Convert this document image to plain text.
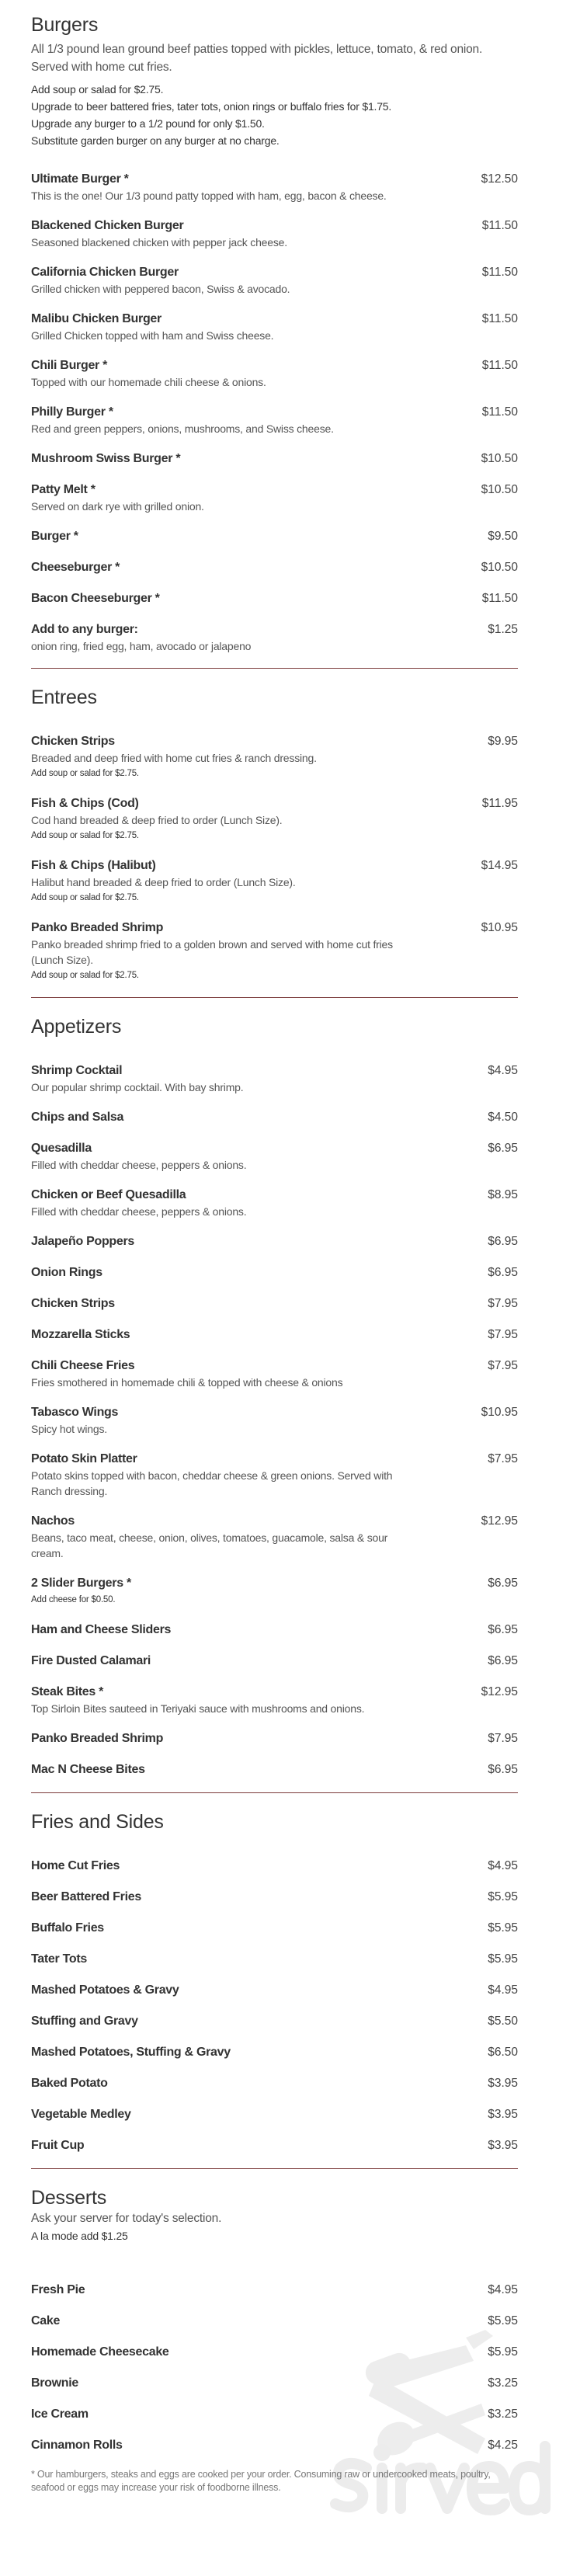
Burgers
All 1/3 pound lean ground beef patties topped with pickles, lettuce, tomato, & red onion. Served with home cut fries.
Add soup or salad for $2.75.
Upgrade to beer battered fries, tater tots, onion rings or buffalo fries for $1.75.
Upgrade any burger to a 1/2 pound for only $1.50.
Substitute garden burger on any burger at no charge.
Ultimate Burger *	$12.50
This is the one! Our 1/3 pound patty topped with ham, egg, bacon & cheese.
Blackened Chicken Burger	$11.50
Seasoned blackened chicken with pepper jack cheese.
California Chicken Burger	$11.50
Grilled chicken with peppered bacon, Swiss & avocado.
Malibu Chicken Burger	$11.50
Grilled Chicken topped with ham and Swiss cheese.
Chili Burger *	$11.50
Topped with our homemade chili cheese & onions.
Philly Burger *	$11.50
Red and green peppers, onions, mushrooms, and Swiss cheese.
Mushroom Swiss Burger *	$10.50
Patty Melt *	$10.50
Served on dark rye with grilled onion.
Burger *	$9.50
Cheeseburger *	$10.50
Bacon Cheeseburger *	$11.50
Add to any burger:	$1.25
onion ring, fried egg, ham, avocado or jalapeno
Entrees
Chicken Strips	$9.95
Breaded and deep fried with home cut fries & ranch dressing.
Add soup or salad for $2.75.
Fish & Chips (Cod)	$11.95
Cod hand breaded & deep fried to order (Lunch Size).
Add soup or salad for $2.75.
Fish & Chips (Halibut)	$14.95
Halibut hand breaded & deep fried to order (Lunch Size).
Add soup or salad for $2.75.
Panko Breaded Shrimp	$10.95
Panko breaded shrimp fried to a golden brown and served with home cut fries (Lunch Size).
Add soup or salad for $2.75.
Appetizers
Shrimp Cocktail	$4.95
Our popular shrimp cocktail. With bay shrimp.
Chips and Salsa	$4.50
Quesadilla	$6.95
Filled with cheddar cheese, peppers & onions.
Chicken or Beef Quesadilla	$8.95
Filled with cheddar cheese, peppers & onions.
Jalapeño Poppers	$6.95
Onion Rings	$6.95
Chicken Strips	$7.95
Mozzarella Sticks	$7.95
Chili Cheese Fries	$7.95
Fries smothered in homemade chili & topped with cheese & onions
Tabasco Wings	$10.95
Spicy hot wings.
Potato Skin Platter	$7.95
Potato skins topped with bacon, cheddar cheese & green onions. Served with Ranch dressing.
Nachos	$12.95
Beans, taco meat, cheese, onion, olives, tomatoes, guacamole, salsa & sour cream.
2 Slider Burgers *	$6.95
Add cheese for $0.50.
Ham and Cheese Sliders	$6.95
Fire Dusted Calamari	$6.95
Steak Bites *	$12.95
Top Sirloin Bites sauteed in Teriyaki sauce with mushrooms and onions.
Panko Breaded Shrimp	$7.95
Mac N Cheese Bites	$6.95
Fries and Sides
Home Cut Fries	$4.95
Beer Battered Fries	$5.95
Buffalo Fries	$5.95
Tater Tots	$5.95
Mashed Potatoes & Gravy	$4.95
Stuffing and Gravy	$5.50
Mashed Potatoes, Stuffing & Gravy	$6.50
Baked Potato	$3.95
Vegetable Medley	$3.95
Fruit Cup	$3.95
Desserts
Ask your server for today's selection.
A la mode add $1.25
Fresh Pie	$4.95
Cake	$5.95
Homemade Cheesecake	$5.95
Brownie	$3.25
Ice Cream	$3.25
Cinnamon Rolls	$4.25
* Our hamburgers, steaks and eggs are cooked per your order. Consuming raw or undercooked meats, poultry, seafood or eggs may increase your risk of foodborne illness.
